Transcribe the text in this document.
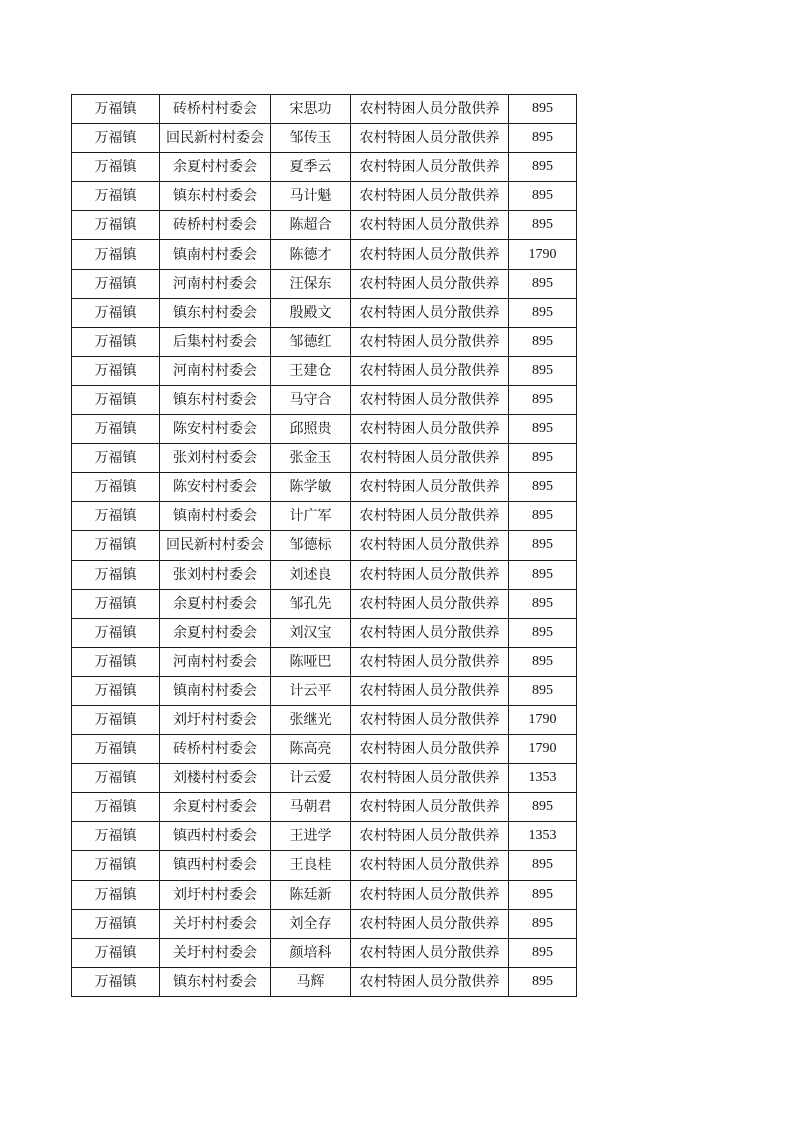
万福镇	砖桥村村委会	宋思功	农村特困人员分散供养	895
万福镇	回民新村村委会	邹传玉	农村特困人员分散供养	895
万福镇	余夏村村委会	夏季云	农村特困人员分散供养	895
万福镇	镇东村村委会	马计魁	农村特困人员分散供养	895
万福镇	砖桥村村委会	陈超合	农村特困人员分散供养	895
万福镇	镇南村村委会	陈德才	农村特困人员分散供养	1790
万福镇	河南村村委会	汪保东	农村特困人员分散供养	895
万福镇	镇东村村委会	殷殿文	农村特困人员分散供养	895
万福镇	后集村村委会	邹德红	农村特困人员分散供养	895
万福镇	河南村村委会	王建仓	农村特困人员分散供养	895
万福镇	镇东村村委会	马守合	农村特困人员分散供养	895
万福镇	陈安村村委会	邱照贵	农村特困人员分散供养	895
万福镇	张刘村村委会	张金玉	农村特困人员分散供养	895
万福镇	陈安村村委会	陈学敏	农村特困人员分散供养	895
万福镇	镇南村村委会	计广军	农村特困人员分散供养	895
万福镇	回民新村村委会	邹德标	农村特困人员分散供养	895
万福镇	张刘村村委会	刘述良	农村特困人员分散供养	895
万福镇	余夏村村委会	邹孔先	农村特困人员分散供养	895
万福镇	余夏村村委会	刘汉宝	农村特困人员分散供养	895
万福镇	河南村村委会	陈哑巴	农村特困人员分散供养	895
万福镇	镇南村村委会	计云平	农村特困人员分散供养	895
万福镇	刘圩村村委会	张继光	农村特困人员分散供养	1790
万福镇	砖桥村村委会	陈高亮	农村特困人员分散供养	1790
万福镇	刘楼村村委会	计云爱	农村特困人员分散供养	1353
万福镇	余夏村村委会	马朝君	农村特困人员分散供养	895
万福镇	镇西村村委会	王进学	农村特困人员分散供养	1353
万福镇	镇西村村委会	王良桂	农村特困人员分散供养	895
万福镇	刘圩村村委会	陈廷新	农村特困人员分散供养	895
万福镇	关圩村村委会	刘全存	农村特困人员分散供养	895
万福镇	关圩村村委会	颜培科	农村特困人员分散供养	895
万福镇	镇东村村委会	马辉	农村特困人员分散供养	895
